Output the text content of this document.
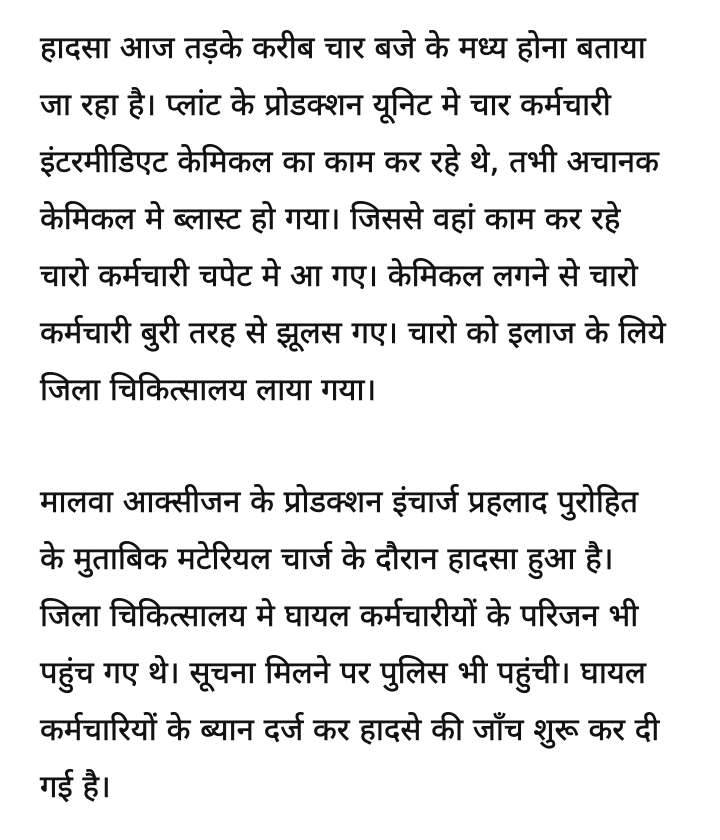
हादसा आज तड़के करीब चार बजे के मध्य होना बताया
जा रहा है। प्लांट के प्रोडक्शन यूनिट मे चार कर्मचारी
इंटरमीडिएट केमिकल का काम कर रहे थे, तभी अचानक
केमिकल मे ब्लास्ट हो गया। जिससे वहां काम कर रहे
चारो कर्मचारी चपेट मे आ गए। केमिकल लगने से चारो
कर्मचारी बुरी तरह से झूलस गए। चारो को इलाज के लिये
जिला चिकित्सालय लाया गया।
मालवा आक्सीजन के प्रोडक्शन इंचार्ज प्रहलाद पुरोहित
के मुताबिक मटेरियल चार्ज के दौरान हादसा हुआ है।
जिला चिकित्सालय मे घायल कर्मचारीयों के परिजन भी
पहुंच गए थे। सूचना मिलने पर पुलिस भी पहुंची। घायल
कर्मचारियों के ब्यान दर्ज कर हादसे की जाँच शुरू कर दी
गई है।
